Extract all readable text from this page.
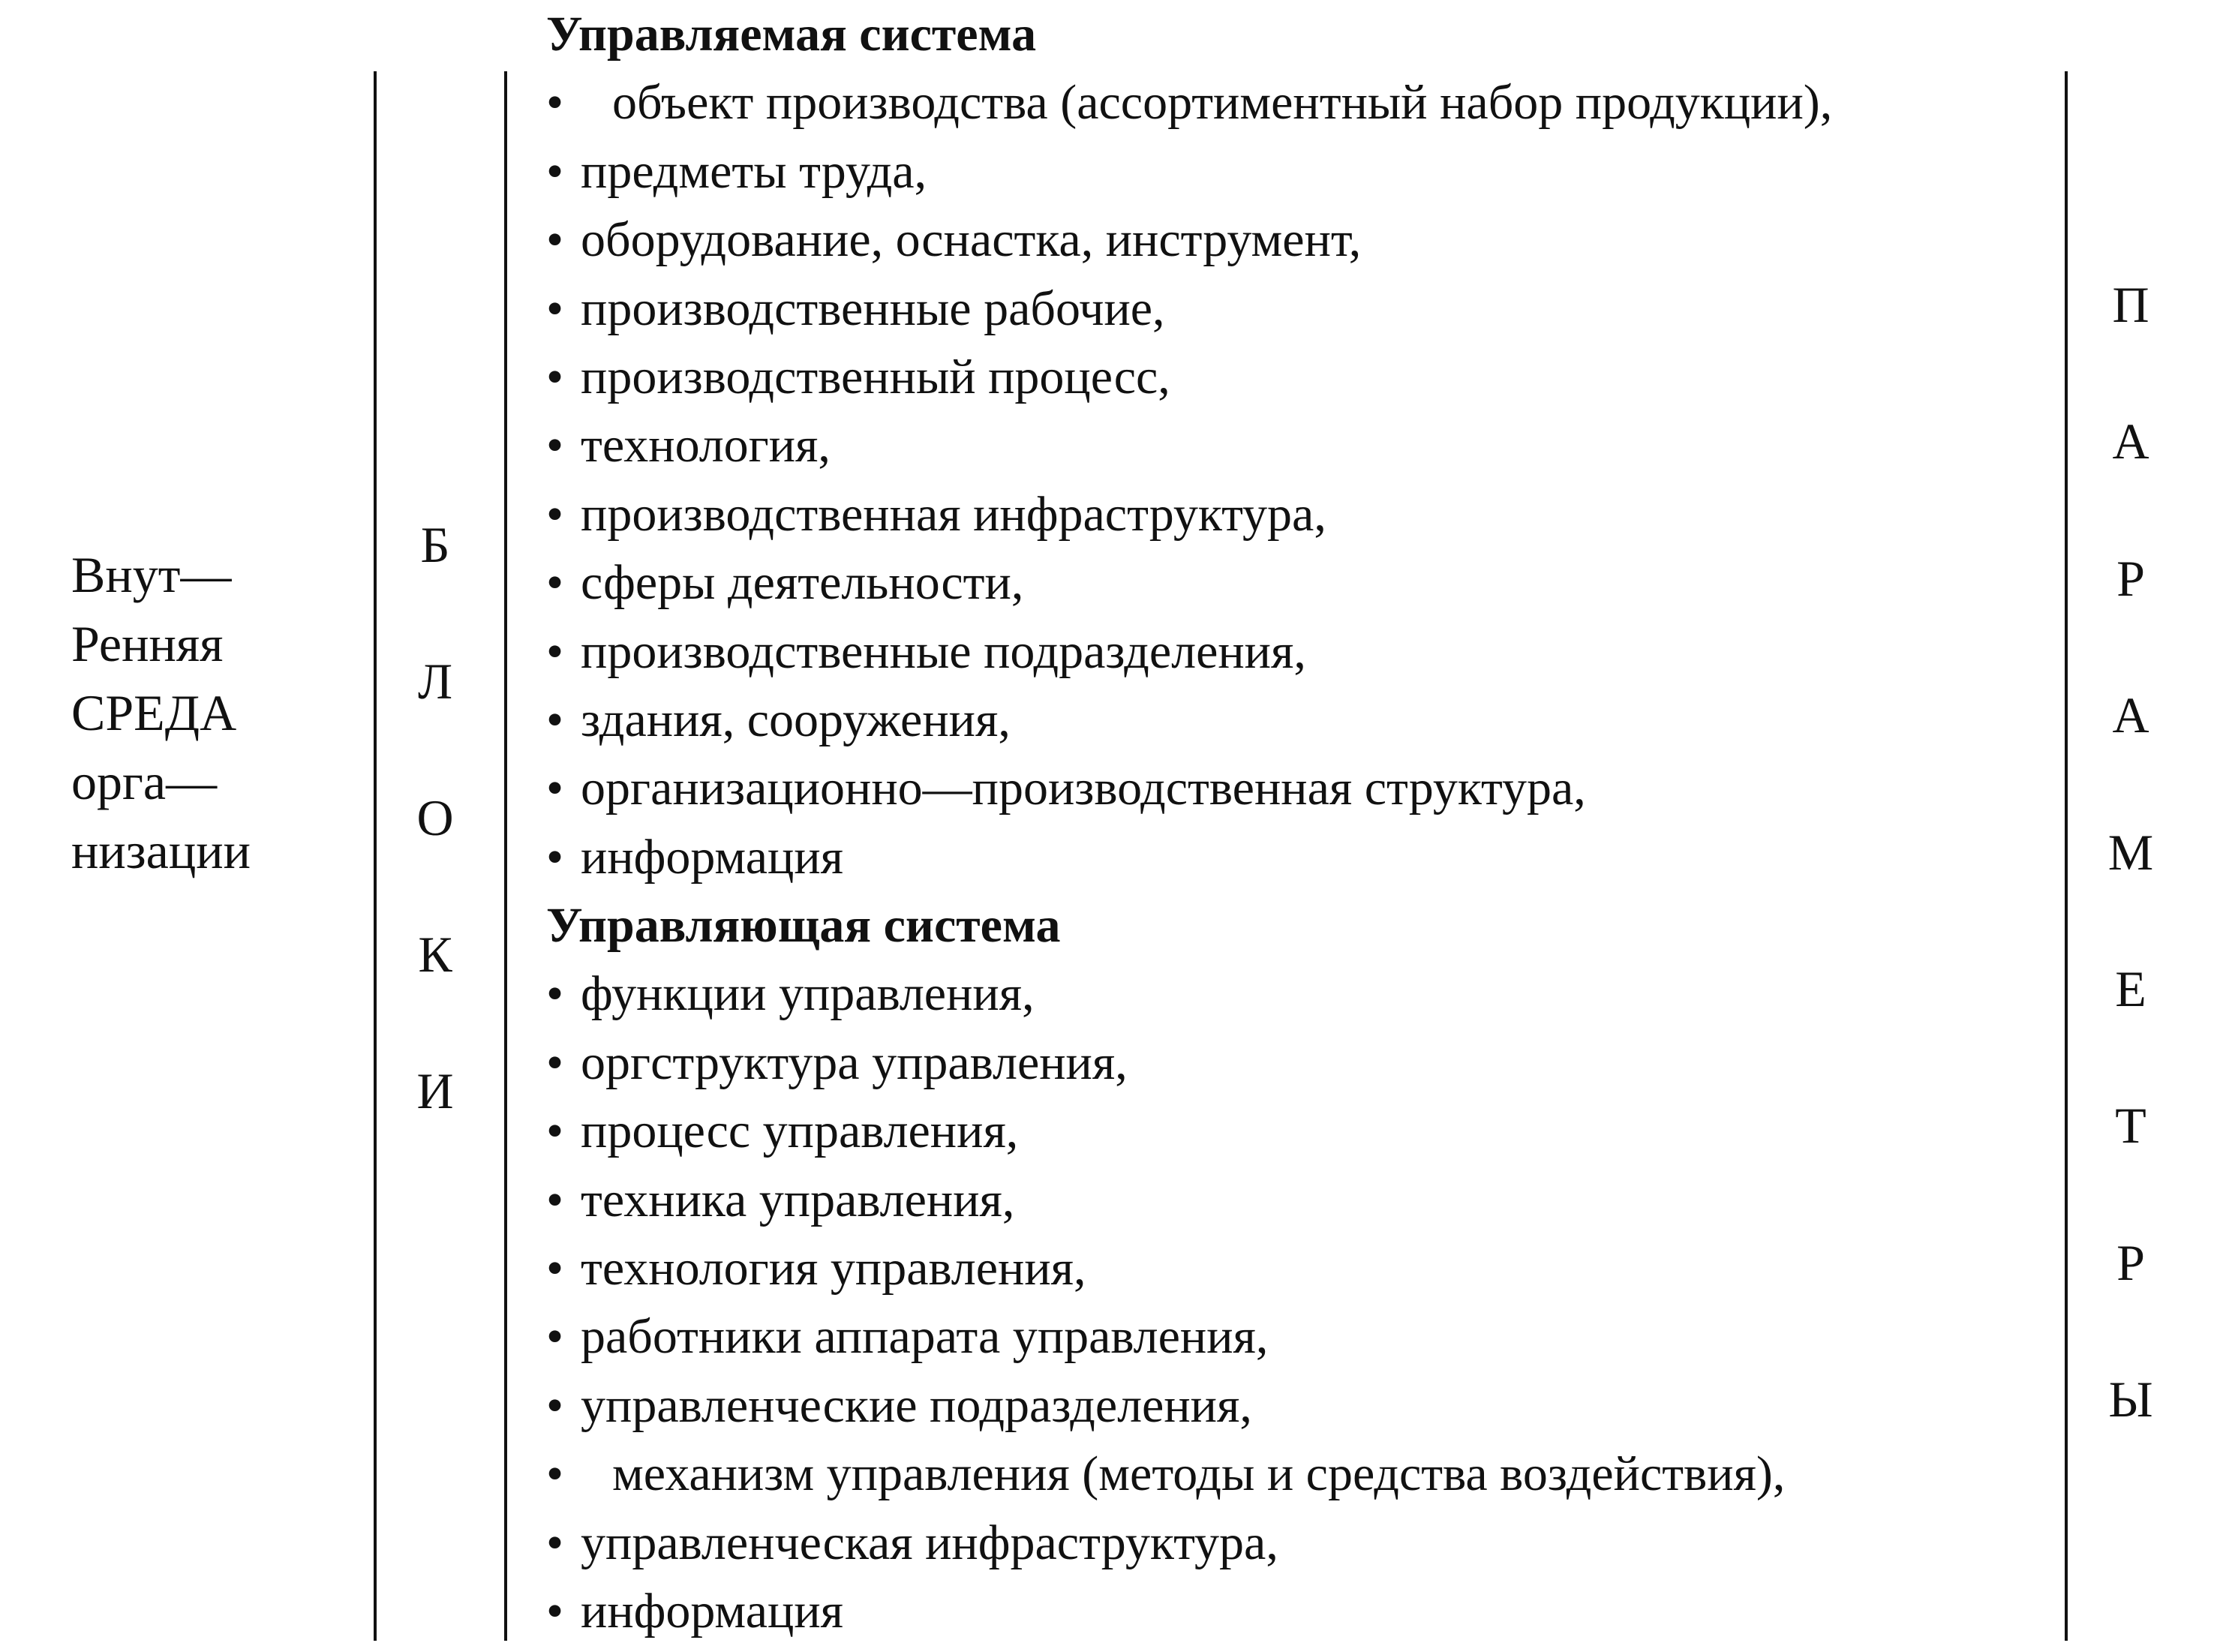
Внут—
Ренняя
СРЕДА
орга—
низации
Б
Л
О
К
И
П
А
Р
А
М
Е
Т
Р
Ы
Управляемая система
• объект производства (ассортиментный набор продукции),
• предметы труда,
• оборудование, оснастка, инструмент,
• производственные рабочие,
• производственный процесс,
• технология,
• производственная инфраструктура,
• сферы деятельности,
• производственные подразделения,
• здания, сооружения,
• организационно—производственная структура,
• информация
Управляющая система
• функции управления,
• оргструктура управления,
• процесс управления,
• техника управления,
• технология управления,
• работники аппарата управления,
• управленческие подразделения,
• механизм управления (методы и средства воздействия),
• управленческая инфраструктура,
• информация
